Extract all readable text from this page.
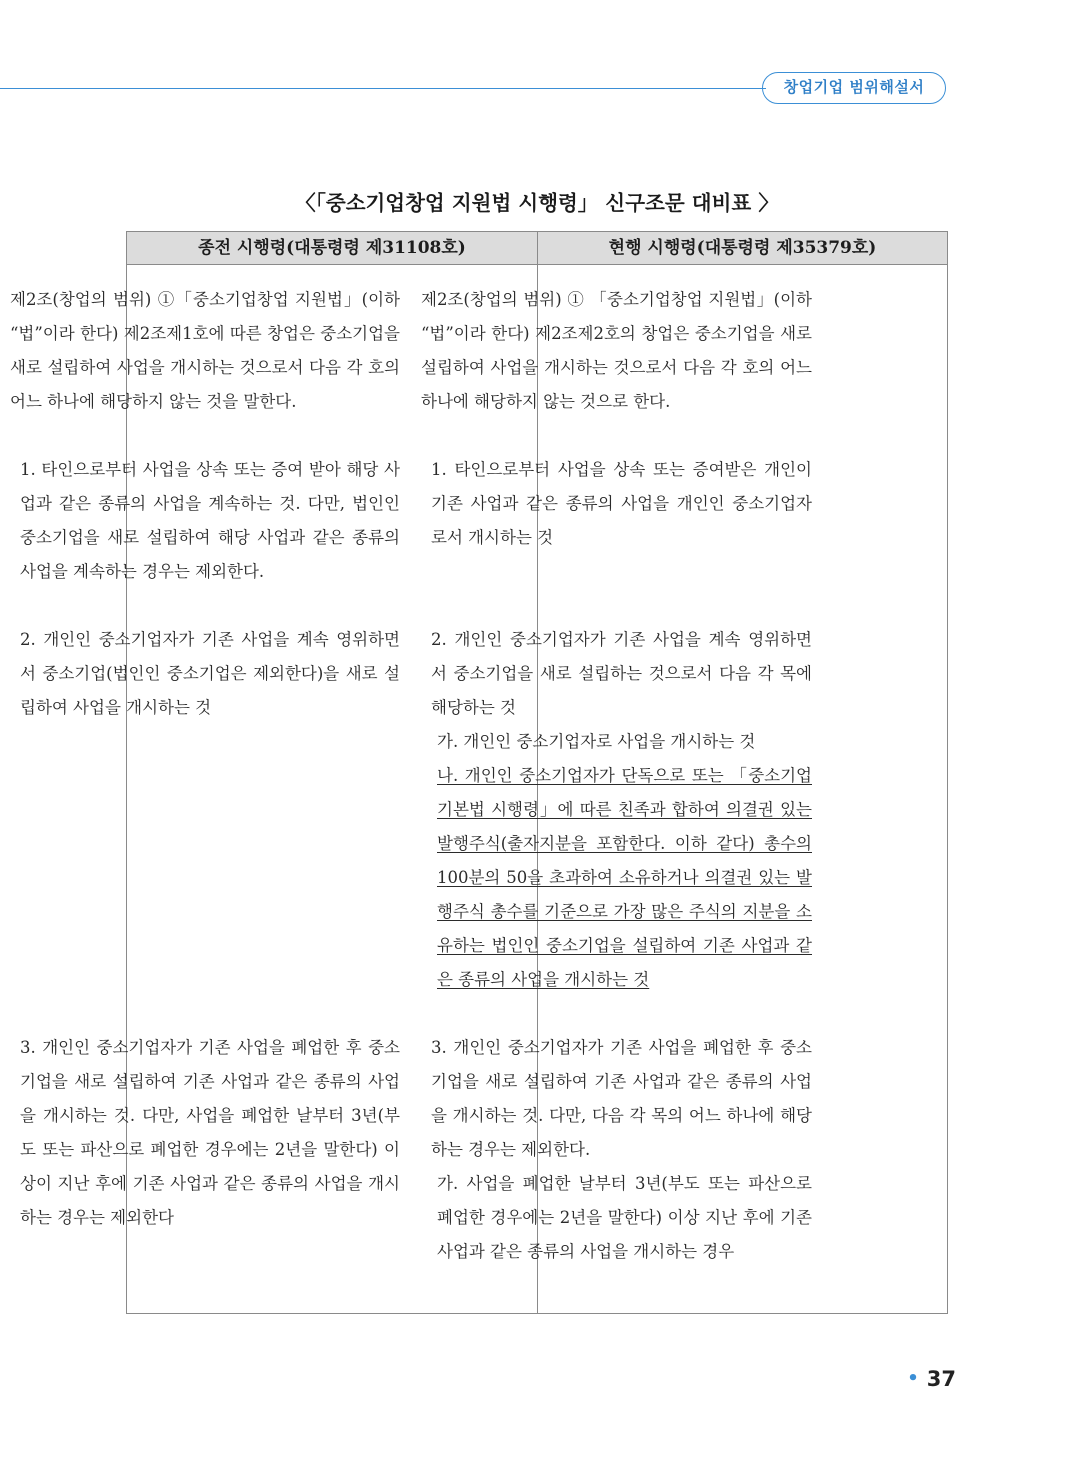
창업기업 범위해설서
〈「중소기업창업 지원법 시행령」 신구조문 대비표 〉
종전 시행령(대통령령 제31108호)	현행 시행령(대통령령 제35379호)

제2조(창업의 범위) ①「중소기업창업 지원법」(이하 “법”이라 한다) 제2조제1호에 따른 창업은 중소기업을 새로 설립하여 사업을 개시하는 것으로서 다음 각 호의 어느 하나에 해당하지 않는 것을 말한다.

1. 타인으로부터 사업을 상속 또는 증여 받아 해당 사업과 같은 종류의 사업을 계속하는 것. 다만, 법인인 중소기업을 새로 설립하여 해당 사업과 같은 종류의 사업을 계속하는 경우는 제외한다.

2. 개인인 중소기업자가 기존 사업을 계속 영위하면서 중소기업(법인인 중소기업은 제외한다)을 새로 설립하여 사업을 개시하는 것

3. 개인인 중소기업자가 기존 사업을 폐업한 후 중소기업을 새로 설립하여 기존 사업과 같은 종류의 사업을 개시하는 것. 다만, 사업을 폐업한 날부터 3년(부도 또는 파산으로 폐업한 경우에는 2년을 말한다) 이상이 지난 후에 기존 사업과 같은 종류의 사업을 개시하는 경우는 제외한다

제2조(창업의 범위) ① 「중소기업창업 지원법」(이하 “법”이라 한다) 제2조제2호의 창업은 중소기업을 새로 설립하여 사업을 개시하는 것으로서 다음 각 호의 어느 하나에 해당하지 않는 것으로 한다.

1. 타인으로부터 사업을 상속 또는 증여받은 개인이 기존 사업과 같은 종류의 사업을 개인인 중소기업자로서 개시하는 것

2. 개인인 중소기업자가 기존 사업을 계속 영위하면서 중소기업을 새로 설립하는 것으로서 다음 각 목에 해당하는 것

가. 개인인 중소기업자로 사업을 개시하는 것

나. 개인인 중소기업자가 단독으로 또는 「중소기업기본법 시행령」에 따른 친족과 합하여 의결권 있는 발행주식(출자지분을 포함한다. 이하 같다) 총수의 100분의 50을 초과하여 소유하거나 의결권 있는 발행주식 총수를 기준으로 가장 많은 주식의 지분을 소유하는 법인인 중소기업을 설립하여 기존 사업과 같은 종류의 사업을 개시하는 것

3. 개인인 중소기업자가 기존 사업을 폐업한 후 중소기업을 새로 설립하여 기존 사업과 같은 종류의 사업을 개시하는 것. 다만, 다음 각 목의 어느 하나에 해당하는 경우는 제외한다.

가. 사업을 폐업한 날부터 3년(부도 또는 파산으로 폐업한 경우에는 2년을 말한다) 이상 지난 후에 기존 사업과 같은 종류의 사업을 개시하는 경우

• 37
